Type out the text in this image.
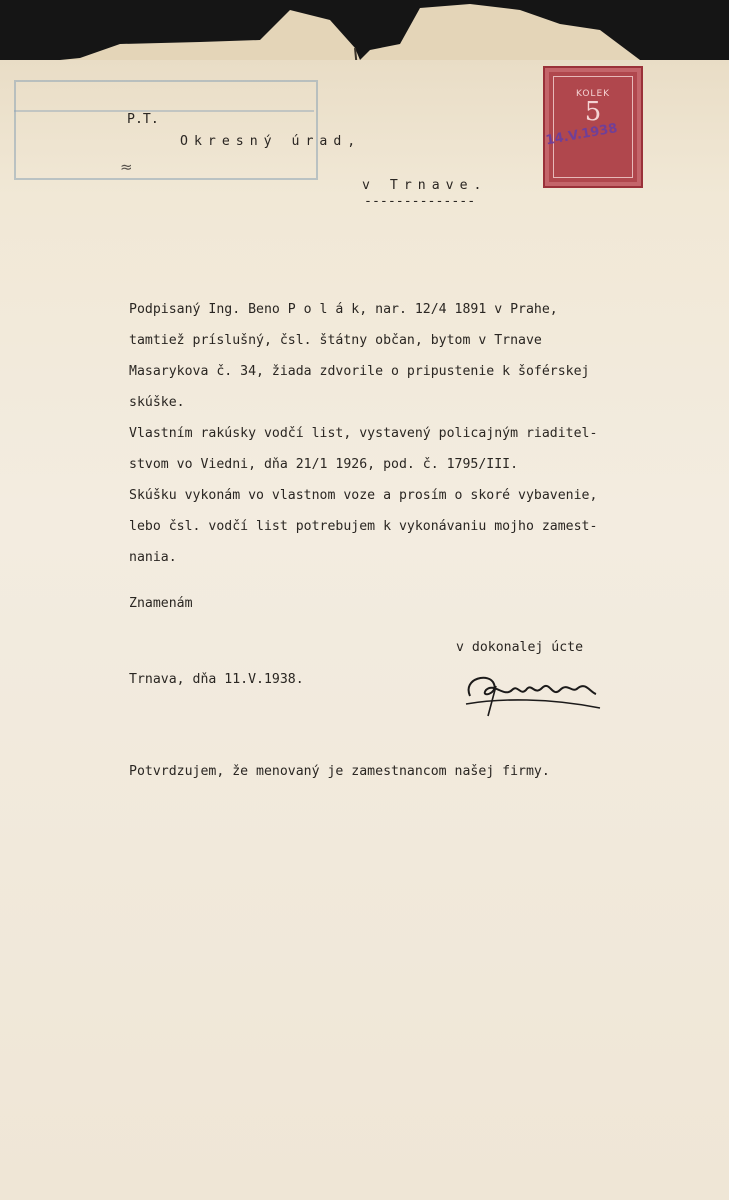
KOLEK
5
14.V.1938
P.T.
Okresný úrad,
≈
v Trnave.
--------------
Podpisaný Ing. Beno P o l á k, nar. 12/4 1891 v Prahe,
tamtiež príslušný, čsl. štátny občan, bytom v Trnave
Masarykova č. 34, žiada zdvorile o pripustenie k šoférskej
skúške.
Vlastním rakúsky vodčí list, vystavený policajným riaditel-
stvom vo Viedni, dňa 21/1 1926, pod. č. 1795/III.
Skúšku vykonám vo vlastnom voze a prosím o skoré vybavenie,
lebo čsl. vodčí list potrebujem k vykonávaniu mojho zamest-
nania.
Znamenám
v dokonalej úcte
Trnava, dňa 11.V.1938.
Potvrdzujem, že menovaný je zamestnancom našej firmy.
